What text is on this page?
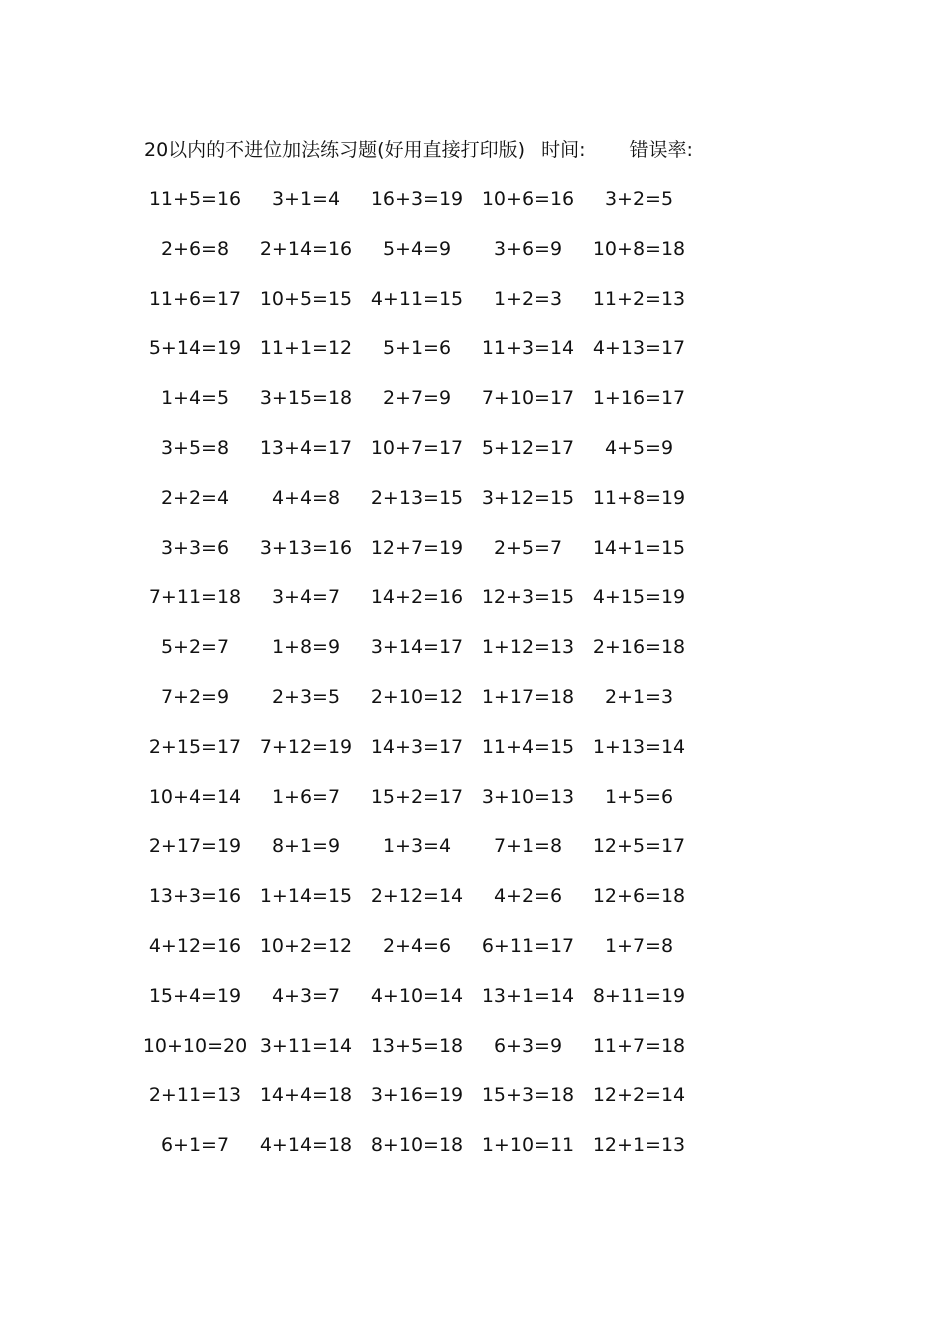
20以内的不进位加法练习题(好用直接打印版) 时间: 错误率:
11+5=16	3+1=4	16+3=19 10+6=16	3+2=5
2+6=8	2+14=16	5+4=9	3+6=9	10+8=18
11+6=17 10+5=15 4+11=15	1+2=3	11+2=13
5+14=19 11+1=12	5+1=6	11+3=14 4+13=17
1+4=5	3+15=18	2+7=9	7+10=17 1+16=17
3+5=8	13+4=17 10+7=17 5+12=17	4+5=9
2+2=4	4+4=8	2+13=15 3+12=15 11+8=19
3+3=6	3+13=16 12+7=19	2+5=7	14+1=15
7+11=18	3+4=7	14+2=16 12+3=15 4+15=19
5+2=7	1+8=9	3+14=17 1+12=13 2+16=18
7+2=9	2+3=5	2+10=12 1+17=18	2+1=3
2+15=17 7+12=19 14+3=17 11+4=15 1+13=14
10+4=14	1+6=7	15+2=17 3+10=13	1+5=6
2+17=19	8+1=9	1+3=4	7+1=8	12+5=17
13+3=16 1+14=15 2+12=14	4+2=6	12+6=18
4+12=16 10+2=12	2+4=6	6+11=17	1+7=8
15+4=19	4+3=7	4+10=14 13+1=14 8+11=19
10+10=20 3+11=14 13+5=18	6+3=9	11+7=18
2+11=13 14+4=18 3+16=19 15+3=18 12+2=14
6+1=7	4+14=18 8+10=18 1+10=11 12+1=13
